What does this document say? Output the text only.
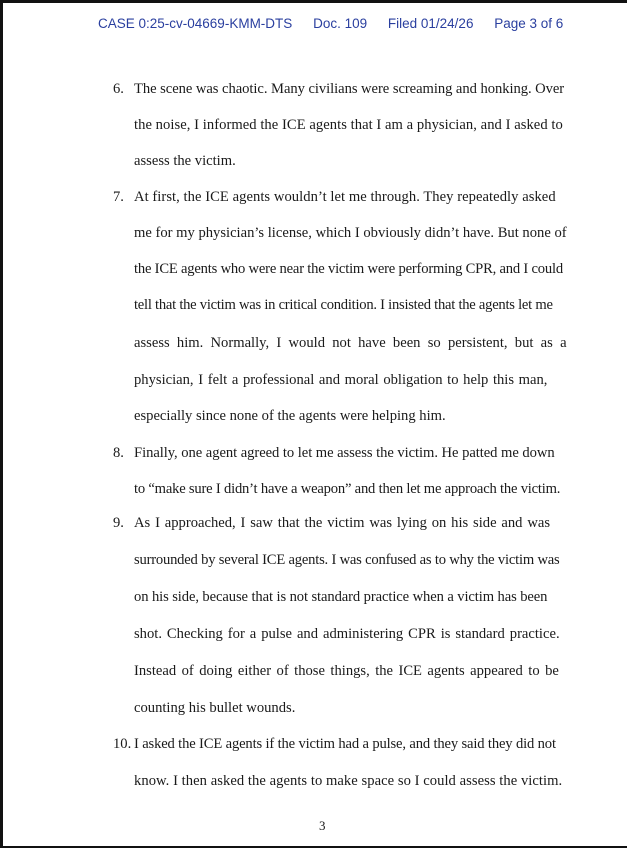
CASE 0:25-cv-04669-KMM-DTS Doc. 109 Filed 01/24/26 Page 3 of 6
6. The scene was chaotic. Many civilians were screaming and honking. Over
the noise, I informed the ICE agents that I am a physician, and I asked to
assess the victim.
7. At first, the ICE agents wouldn’t let me through. They repeatedly asked
me for my physician’s license, which I obviously didn’t have. But none of
the ICE agents who were near the victim were performing CPR, and I could
tell that the victim was in critical condition. I insisted that the agents let me
assess him. Normally, I would not have been so persistent, but as a
physician, I felt a professional and moral obligation to help this man,
especially since none of the agents were helping him.
8. Finally, one agent agreed to let me assess the victim. He patted me down
to “make sure I didn’t have a weapon” and then let me approach the victim.
9. As I approached, I saw that the victim was lying on his side and was
surrounded by several ICE agents. I was confused as to why the victim was
on his side, because that is not standard practice when a victim has been
shot. Checking for a pulse and administering CPR is standard practice.
Instead of doing either of those things, the ICE agents appeared to be
counting his bullet wounds.
10. I asked the ICE agents if the victim had a pulse, and they said they did not
know. I then asked the agents to make space so I could assess the victim.
3
